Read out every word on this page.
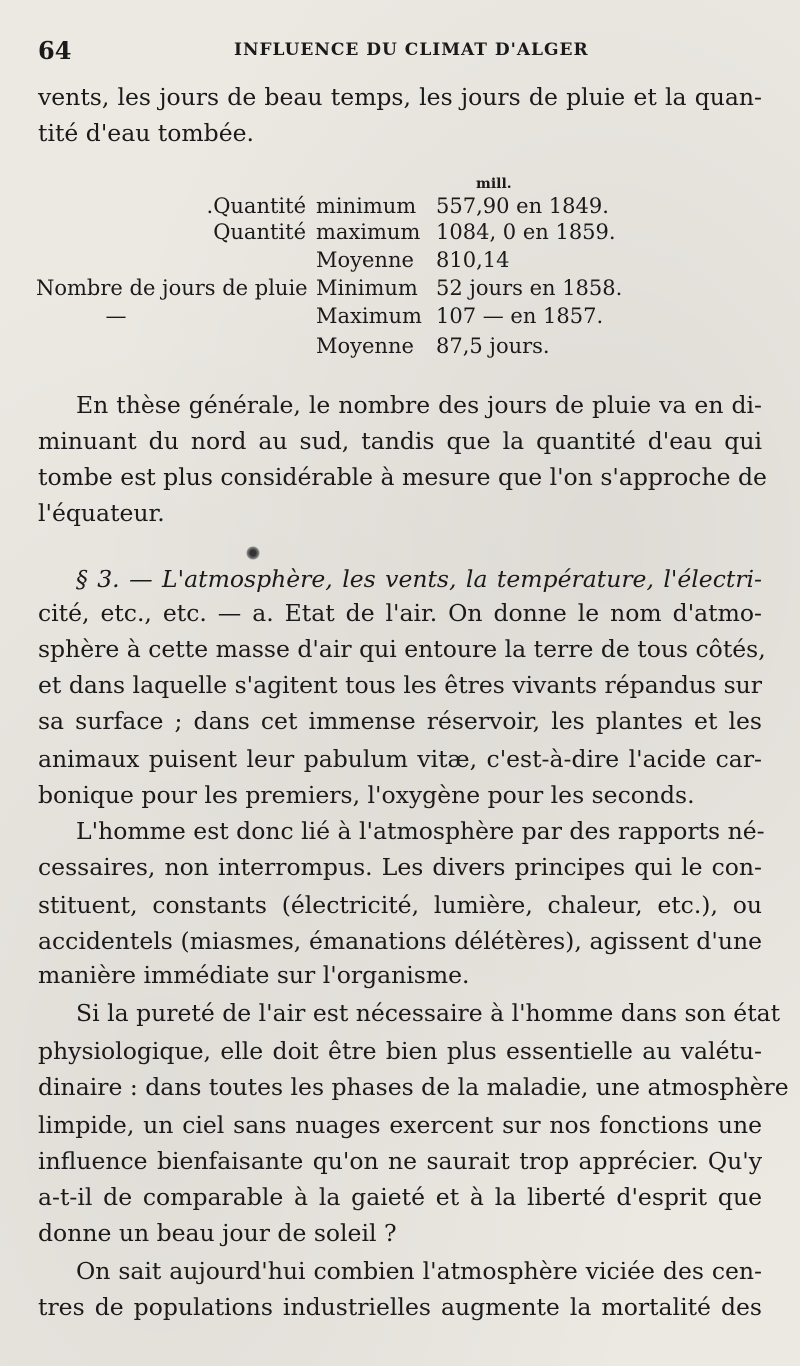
64	INFLUENCE DU CLIMAT D'ALGER
vents, les jours de beau temps, les jours de pluie et la quan-
tité d'eau tombée.
mill.
.Quantité minimum 557,90 en 1849.
Quantité maximum 1084, 0 en 1859.
Moyenne 810,14
Nombre de jours de pluie Minimum 52 jours en 1858.
—	Maximum 107 — en 1857.
Moyenne 87,5 jours.
En thèse générale, le nombre des jours de pluie va en di-
minuant du nord au sud, tandis que la quantité d'eau qui
tombe est plus considérable à mesure que l'on s'approche de
l'équateur.
§ 3. — L'atmosphère, les vents, la température, l'électri-
cité, etc., etc. — a. Etat de l'air. On donne le nom d'atmo-
sphère à cette masse d'air qui entoure la terre de tous côtés,
et dans laquelle s'agitent tous les êtres vivants répandus sur
sa surface ; dans cet immense réservoir, les plantes et les
animaux puisent leur pabulum vitæ, c'est-à-dire l'acide car-
bonique pour les premiers, l'oxygène pour les seconds.
L'homme est donc lié à l'atmosphère par des rapports né-
cessaires, non interrompus. Les divers principes qui le con-
stituent, constants (électricité, lumière, chaleur, etc.), ou
accidentels (miasmes, émanations délétères), agissent d'une
manière immédiate sur l'organisme.
Si la pureté de l'air est nécessaire à l'homme dans son état
physiologique, elle doit être bien plus essentielle au valétu-
dinaire : dans toutes les phases de la maladie, une atmosphère
limpide, un ciel sans nuages exercent sur nos fonctions une
influence bienfaisante qu'on ne saurait trop apprécier. Qu'y
a-t-il de comparable à la gaieté et à la liberté d'esprit que
donne un beau jour de soleil ?
On sait aujourd'hui combien l'atmosphère viciée des cen-
tres de populations industrielles augmente la mortalité des
